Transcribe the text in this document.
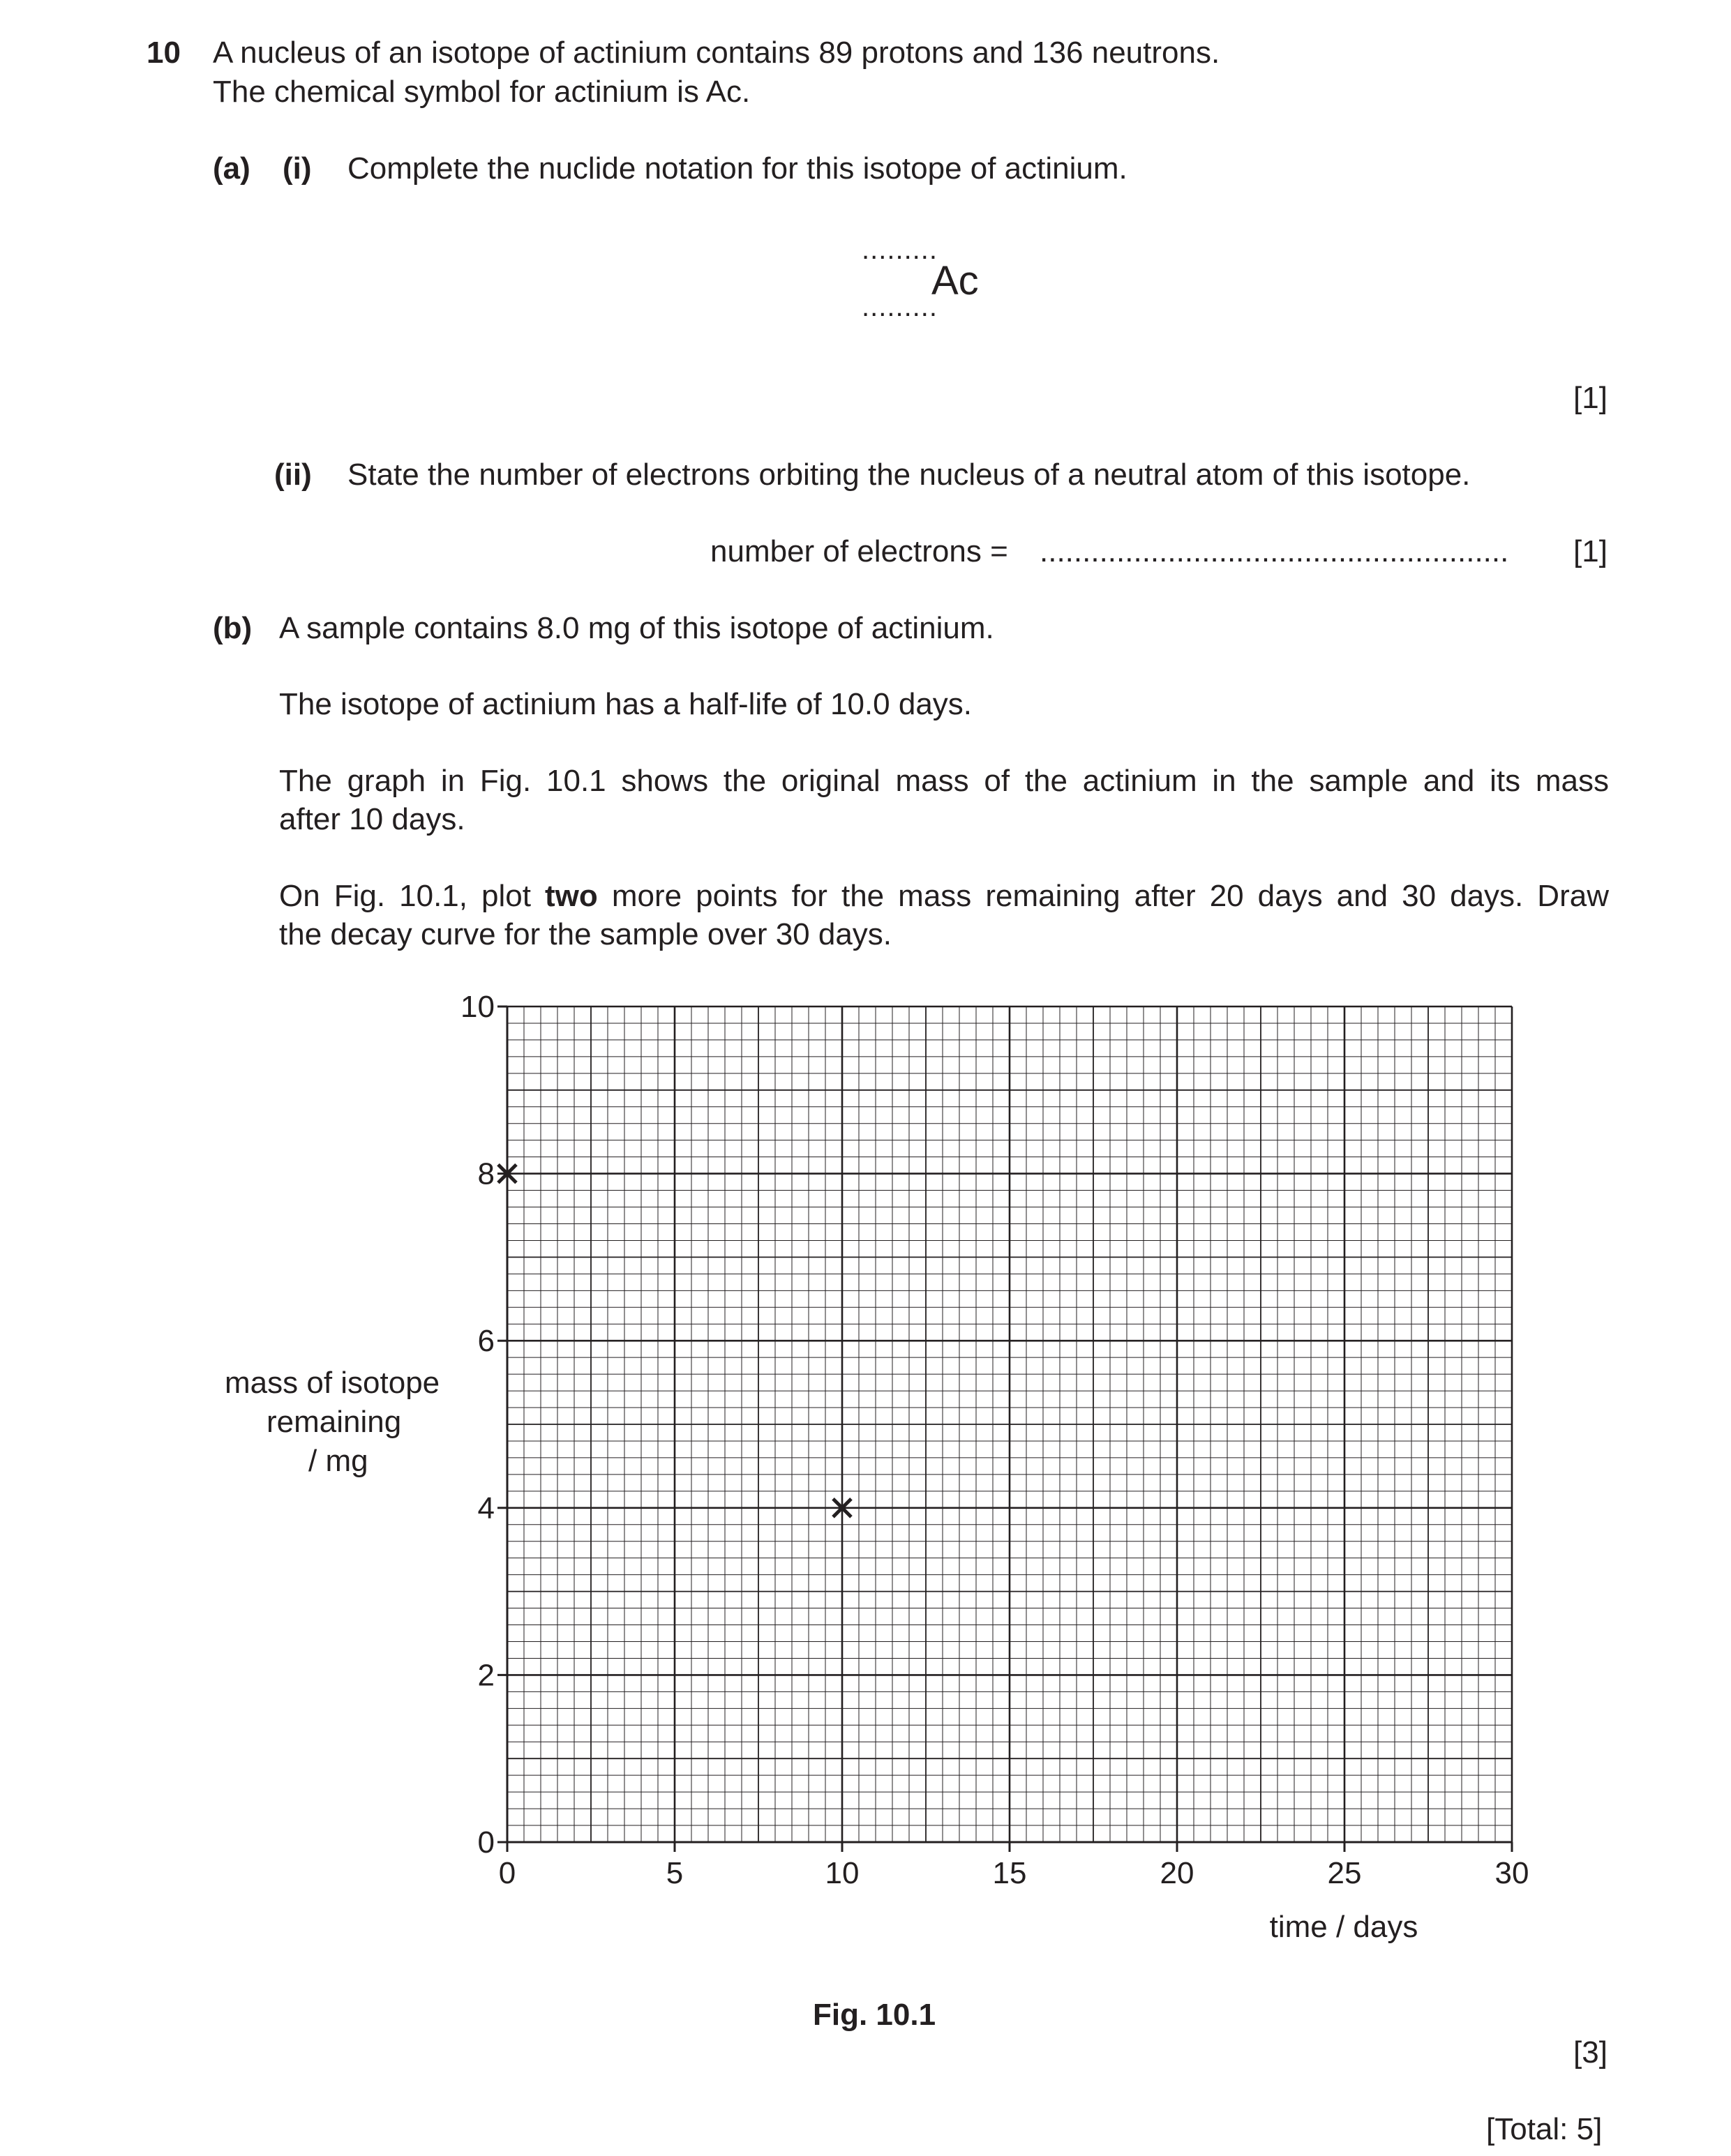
10 A nucleus of an isotope of actinium contains 89 protons and 136 neutrons.
The chemical symbol for actinium is Ac.
(a) (i) Complete the nuclide notation for this isotope of actinium.
.........
Ac
.........
[1]
(ii) State the number of electrons orbiting the nucleus of a neutral atom of this isotope.
number of electrons = ....................................................... [1]
(b) A sample contains 8.0 mg of this isotope of actinium.
The isotope of actinium has a half-life of 10.0 days.
The graph in Fig. 10.1 shows the original mass of the actinium in the sample and its mass
after 10 days.
On Fig. 10.1, plot two more points for the mass remaining after 20 days and 30 days. Draw
the decay curve for the sample over 30 days.
mass of isotope
remaining
/ mg
0	5	10	15	20	25	30
0
2
4
6
8
10
time / days
Fig. 10.1
[3]
[Total: 5]
